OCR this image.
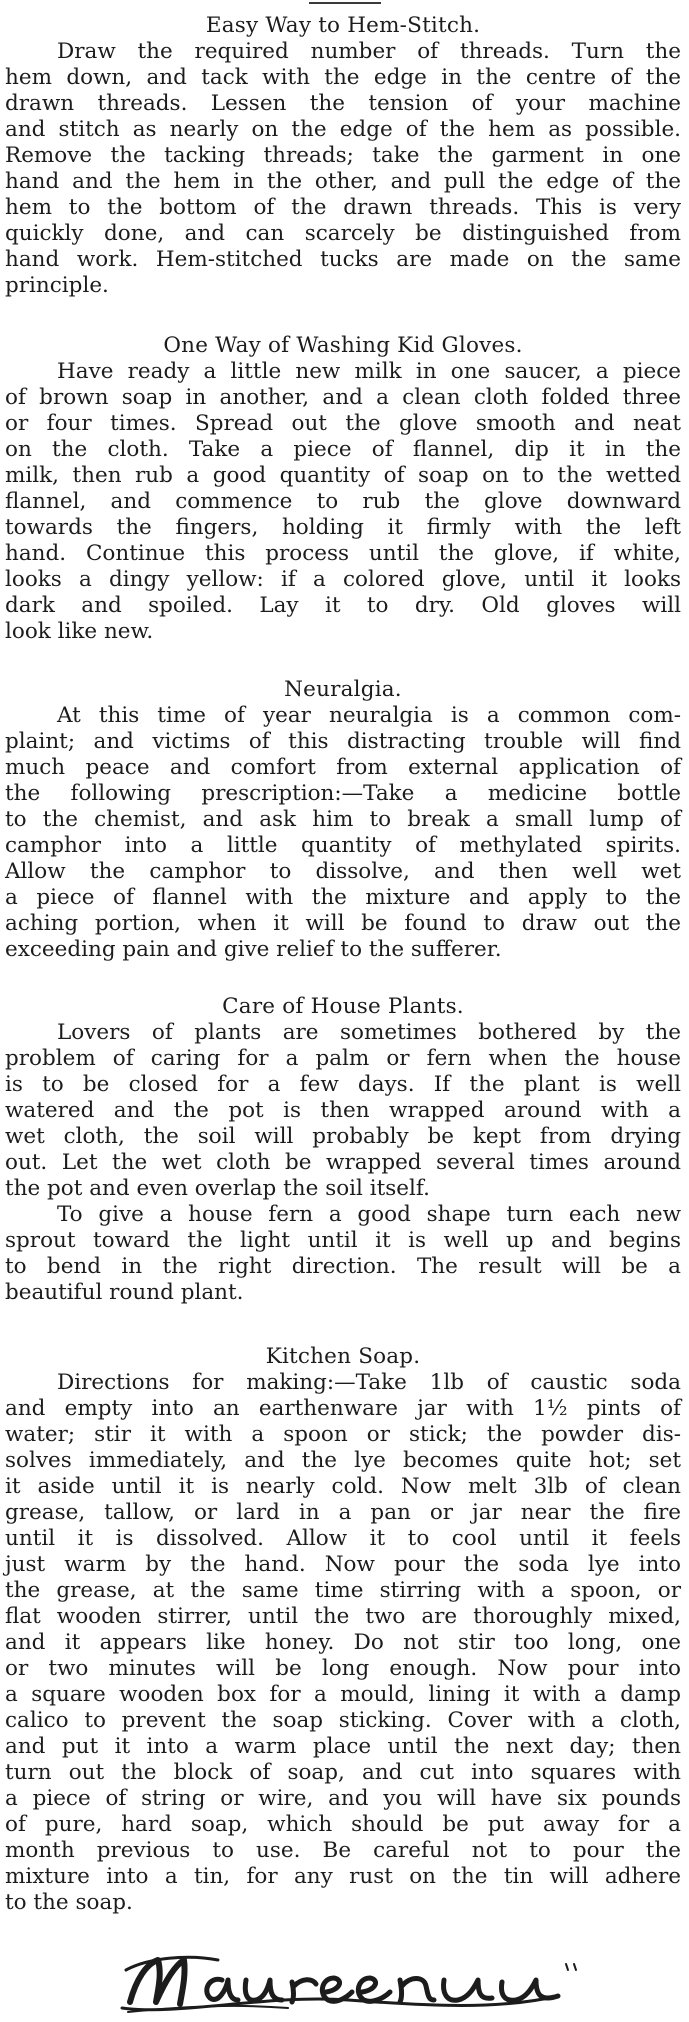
Easy Way to Hem-Stitch.
Draw the required number of threads. Turn the
hem down, and tack with the edge in the centre of the
drawn threads. Lessen the tension of your machine
and stitch as nearly on the edge of the hem as possible.
Remove the tacking threads; take the garment in one
hand and the hem in the other, and pull the edge of the
hem to the bottom of the drawn threads. This is very
quickly done, and can scarcely be distinguished from
hand work. Hem-stitched tucks are made on the same
principle.
One Way of Washing Kid Gloves.
Have ready a little new milk in one saucer, a piece
of brown soap in another, and a clean cloth folded three
or four times. Spread out the glove smooth and neat
on the cloth. Take a piece of flannel, dip it in the
milk, then rub a good quantity of soap on to the wetted
flannel, and commence to rub the glove downward
towards the fingers, holding it firmly with the left
hand. Continue this process until the glove, if white,
looks a dingy yellow: if a colored glove, until it looks
dark and spoiled. Lay it to dry. Old gloves will
look like new.
Neuralgia.
At this time of year neuralgia is a common com-
plaint; and victims of this distracting trouble will find
much peace and comfort from external application of
the following prescription:—Take a medicine bottle
to the chemist, and ask him to break a small lump of
camphor into a little quantity of methylated spirits.
Allow the camphor to dissolve, and then well wet
a piece of flannel with the mixture and apply to the
aching portion, when it will be found to draw out the
exceeding pain and give relief to the sufferer.
Care of House Plants.
Lovers of plants are sometimes bothered by the
problem of caring for a palm or fern when the house
is to be closed for a few days. If the plant is well
watered and the pot is then wrapped around with a
wet cloth, the soil will probably be kept from drying
out. Let the wet cloth be wrapped several times around
the pot and even overlap the soil itself.
To give a house fern a good shape turn each new
sprout toward the light until it is well up and begins
to bend in the right direction. The result will be a
beautiful round plant.
Kitchen Soap.
Directions for making:—Take 1lb of caustic soda
and empty into an earthenware jar with 1½ pints of
water; stir it with a spoon or stick; the powder dis-
solves immediately, and the lye becomes quite hot; set
it aside until it is nearly cold. Now melt 3lb of clean
grease, tallow, or lard in a pan or jar near the fire
until it is dissolved. Allow it to cool until it feels
just warm by the hand. Now pour the soda lye into
the grease, at the same time stirring with a spoon, or
flat wooden stirrer, until the two are thoroughly mixed,
and it appears like honey. Do not stir too long, one
or two minutes will be long enough. Now pour into
a square wooden box for a mould, lining it with a damp
calico to prevent the soap sticking. Cover with a cloth,
and put it into a warm place until the next day; then
turn out the block of soap, and cut into squares with
a piece of string or wire, and you will have six pounds
of pure, hard soap, which should be put away for a
month previous to use. Be careful not to pour the
mixture into a tin, for any rust on the tin will adhere
to the soap.
